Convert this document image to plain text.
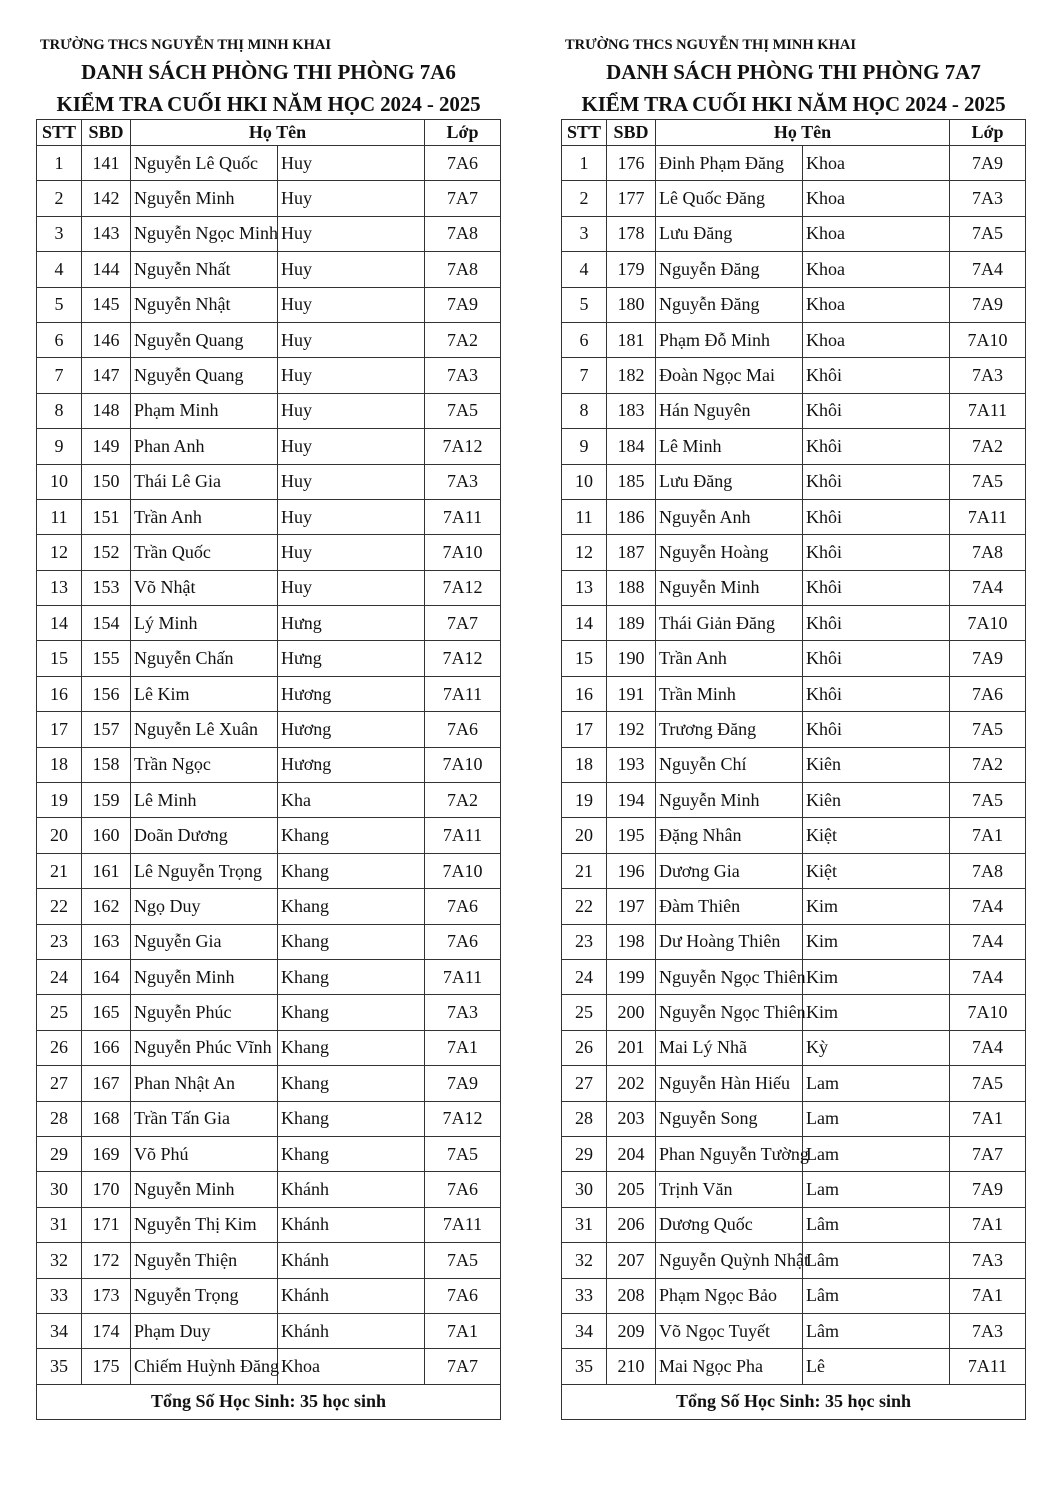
TRƯỜNG THCS NGUYỄN THỊ MINH KHAI
DANH SÁCH PHÒNG THI PHÒNG 7A6
KIỂM TRA CUỐI HKI NĂM HỌC 2024 - 2025
STT	SBD	Họ Tên		Lớp
1	141	Nguyễn Lê Quốc	Huy	7A6
2	142	Nguyễn Minh	Huy	7A7
3	143	Nguyễn Ngọc Minh	Huy	7A8
4	144	Nguyễn Nhất	Huy	7A8
5	145	Nguyễn Nhật	Huy	7A9
6	146	Nguyễn Quang	Huy	7A2
7	147	Nguyễn Quang	Huy	7A3
8	148	Phạm Minh	Huy	7A5
9	149	Phan Anh	Huy	7A12
10	150	Thái Lê Gia	Huy	7A3
11	151	Trần Anh	Huy	7A11
12	152	Trần Quốc	Huy	7A10
13	153	Võ Nhật	Huy	7A12
14	154	Lý Minh	Hưng	7A7
15	155	Nguyễn Chấn	Hưng	7A12
16	156	Lê Kim	Hương	7A11
17	157	Nguyễn Lê Xuân	Hương	7A6
18	158	Trần Ngọc	Hương	7A10
19	159	Lê Minh	Kha	7A2
20	160	Doãn Dương	Khang	7A11
21	161	Lê Nguyễn Trọng	Khang	7A10
22	162	Ngọ Duy	Khang	7A6
23	163	Nguyễn Gia	Khang	7A6
24	164	Nguyễn Minh	Khang	7A11
25	165	Nguyễn Phúc	Khang	7A3
26	166	Nguyễn Phúc Vĩnh	Khang	7A1
27	167	Phan Nhật An	Khang	7A9
28	168	Trần Tấn Gia	Khang	7A12
29	169	Võ Phú	Khang	7A5
30	170	Nguyễn Minh	Khánh	7A6
31	171	Nguyễn Thị Kim	Khánh	7A11
32	172	Nguyễn Thiện	Khánh	7A5
33	173	Nguyễn Trọng	Khánh	7A6
34	174	Phạm Duy	Khánh	7A1
35	175	Chiếm Huỳnh Đăng	Khoa	7A7
Tổng Số Học Sinh: 35 học sinh				
TRƯỜNG THCS NGUYỄN THỊ MINH KHAI
DANH SÁCH PHÒNG THI PHÒNG 7A7
KIỂM TRA CUỐI HKI NĂM HỌC 2024 - 2025
STT	SBD	Họ Tên		Lớp
1	176	Đinh Phạm Đăng	Khoa	7A9
2	177	Lê Quốc Đăng	Khoa	7A3
3	178	Lưu Đăng	Khoa	7A5
4	179	Nguyễn Đăng	Khoa	7A4
5	180	Nguyễn Đăng	Khoa	7A9
6	181	Phạm Đỗ Minh	Khoa	7A10
7	182	Đoàn Ngọc Mai	Khôi	7A3
8	183	Hán Nguyên	Khôi	7A11
9	184	Lê Minh	Khôi	7A2
10	185	Lưu Đăng	Khôi	7A5
11	186	Nguyễn Anh	Khôi	7A11
12	187	Nguyễn Hoàng	Khôi	7A8
13	188	Nguyễn Minh	Khôi	7A4
14	189	Thái Giản Đăng	Khôi	7A10
15	190	Trần Anh	Khôi	7A9
16	191	Trần Minh	Khôi	7A6
17	192	Trương Đăng	Khôi	7A5
18	193	Nguyễn Chí	Kiên	7A2
19	194	Nguyễn Minh	Kiên	7A5
20	195	Đặng Nhân	Kiệt	7A1
21	196	Dương Gia	Kiệt	7A8
22	197	Đàm Thiên	Kim	7A4
23	198	Dư Hoàng Thiên	Kim	7A4
24	199	Nguyễn Ngọc Thiên	Kim	7A4
25	200	Nguyễn Ngọc Thiên	Kim	7A10
26	201	Mai Lý Nhã	Kỳ	7A4
27	202	Nguyễn Hàn Hiếu	Lam	7A5
28	203	Nguyễn Song	Lam	7A1
29	204	Phan Nguyễn Tường	Lam	7A7
30	205	Trịnh Văn	Lam	7A9
31	206	Dương Quốc	Lâm	7A1
32	207	Nguyễn Quỳnh Nhật	Lâm	7A3
33	208	Phạm Ngọc Bảo	Lâm	7A1
34	209	Võ Ngọc Tuyết	Lâm	7A3
35	210	Mai Ngọc Pha	Lê	7A11
Tổng Số Học Sinh: 35 học sinh				
